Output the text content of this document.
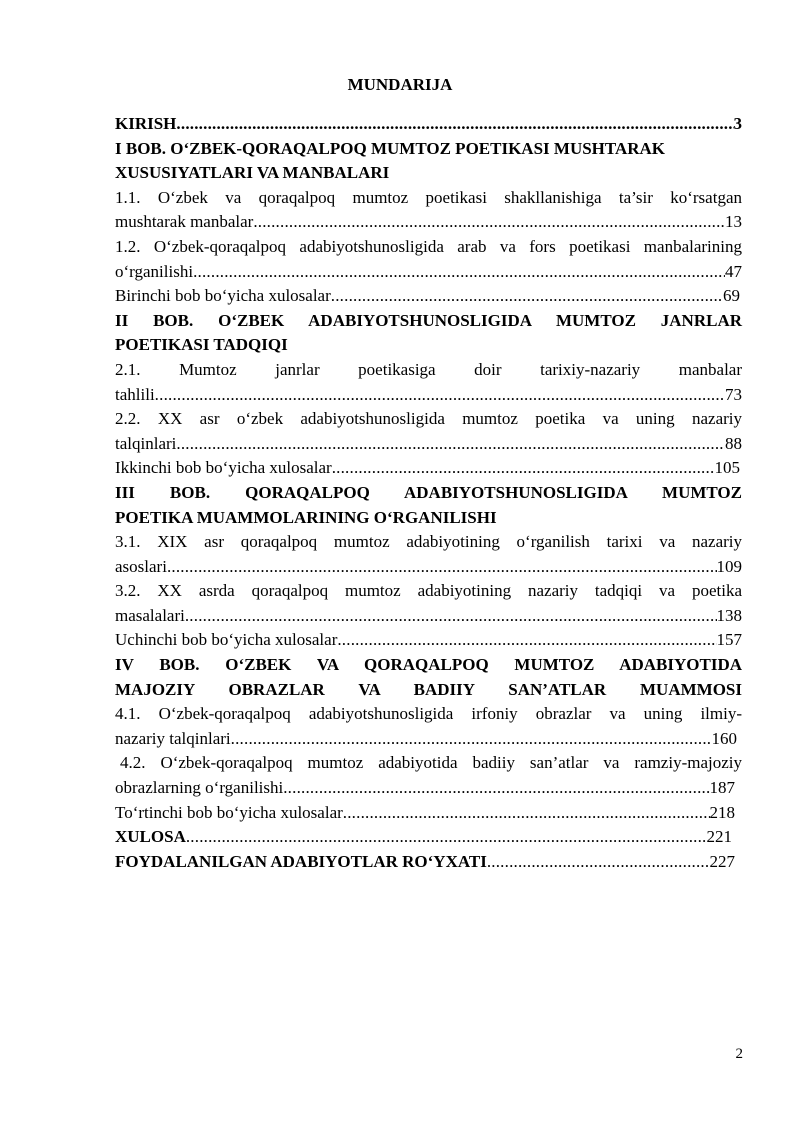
MUNDARIJA
KIRISH .....	3
I BOB. O‘ZBEK-QORAQALPOQ MUMTOZ POETIKASI MUSHTARAK XUSUSIYATLARI VA MANBALARI
1.1. O‘zbek va qoraqalpoq mumtoz poetikasi shakllanishiga ta’sir ko‘rsatgan
mushtarak manbalar .....	13
1.2. O‘zbek-qoraqalpoq adabiyotshunosligida arab va fors poetikasi manbalarining
o‘rganilishi .....	47
Birinchi bob bo‘yicha xulosalar .....	69
II BOB. O‘ZBEK ADABIYOTSHUNOSLIGIDA MUMTOZ JANRLAR
POETIKASI TADQIQI
2.1. Mumtoz janrlar poetikasiga doir tarixiy-nazariy manbalar
tahlili .....	73
2.2. XX asr o‘zbek adabiyotshunosligida mumtoz poetika va uning nazariy
talqinlari .....	88
Ikkinchi bob bo‘yicha xulosalar .....	105
III BOB. QORAQALPOQ ADABIYOTSHUNOSLIGIDA MUMTOZ
POETIKA MUAMMOLARINING O‘RGANILISHI
3.1. XIX asr qoraqalpoq mumtoz adabiyotining o‘rganilish tarixi va nazariy
asoslari .....	109
3.2. XX asrda qoraqalpoq mumtoz adabiyotining nazariy tadqiqi va poetika
masalalari .....	138
Uchinchi bob bo‘yicha xulosalar .....	157
IV BOB. O‘ZBEK VA QORAQALPOQ MUMTOZ ADABIYOTIDA
MAJOZIY OBRAZLAR VA BADIIY SAN’ATLAR MUAMMOSI
4.1. O‘zbek-qoraqalpoq adabiyotshunosligida irfoniy obrazlar va uning ilmiy-
nazariy talqinlari .....	160
4.2. O‘zbek-qoraqalpoq mumtoz adabiyotida badiiy san’atlar va ramziy-majoziy
obrazlarning o‘rganilishi .....	187
To‘rtinchi bob bo‘yicha xulosalar .....	218
XULOSA .....	221
FOYDALANILGAN ADABIYOTLAR RO‘YXATI .....	227
2
